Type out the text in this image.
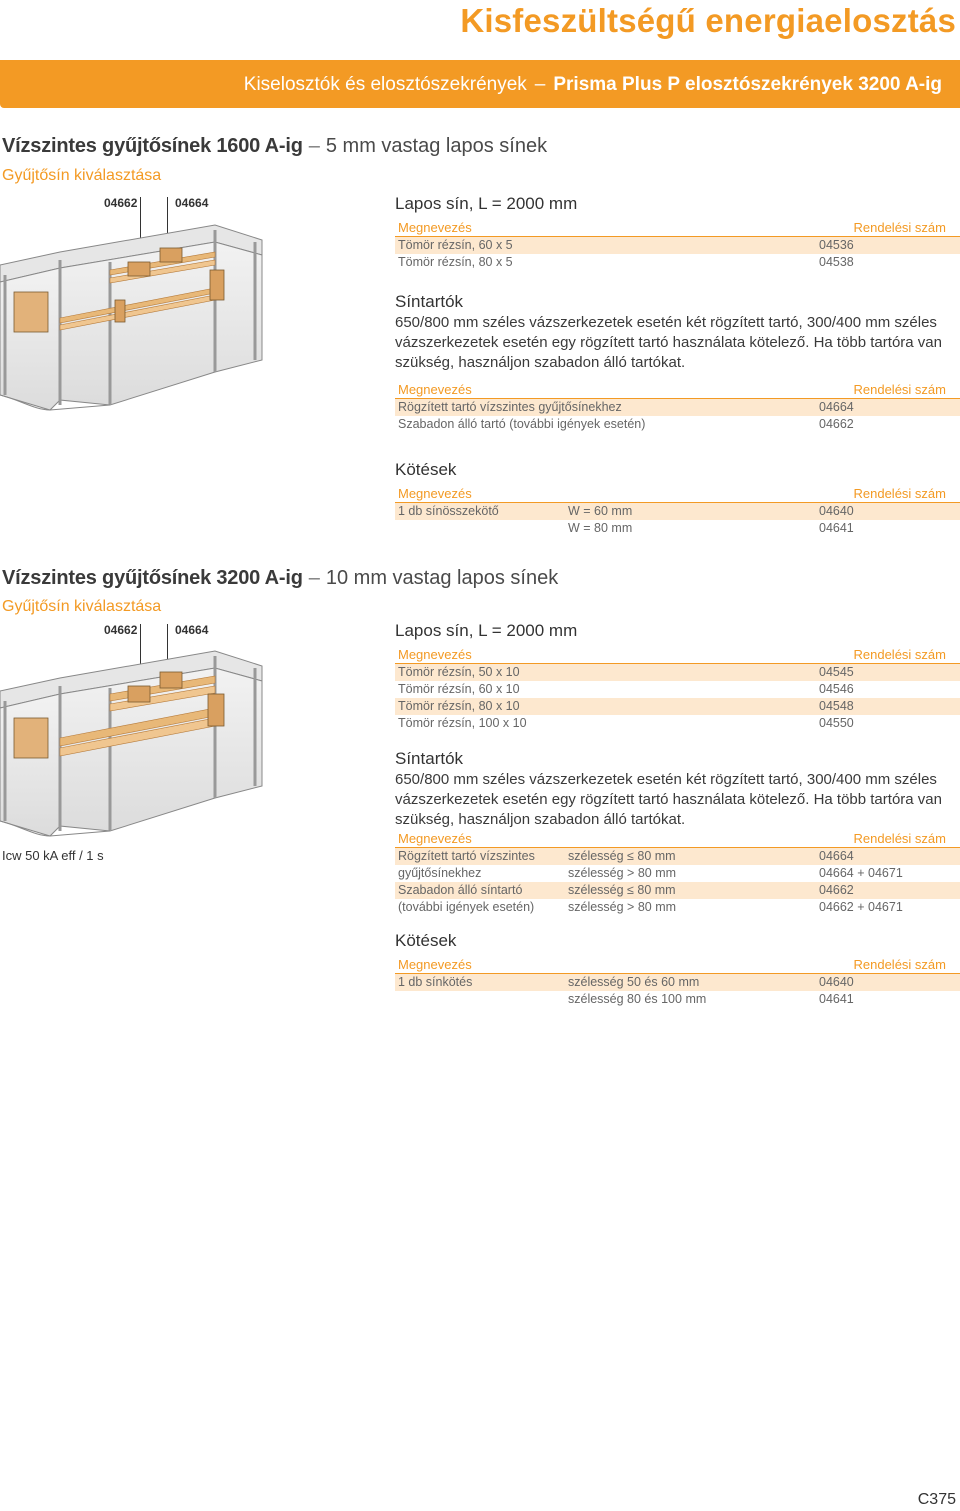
Kisfeszültségű energiaelosztás
Kiselosztók és elosztószekrények – Prisma Plus P elosztószekrények 3200 A-ig
Vízszintes gyűjtősínek 1600 A-ig – 5 mm vastag lapos sínek
Gyűjtősín kiválasztása
04662	04664	Lapos sín, L = 2000 mm
Megnevezés	Rendelési szám
Tömör rézsín, 60 x 5	04536
Tömör rézsín, 80 x 5	04538
Síntartók
650/800 mm széles vázszerkezetek esetén két rögzített tartó, 300/400 mm széles vázszerkezetek esetén egy rögzített tartó használata kötelező. Ha több tartóra van szükség, használjon szabadon álló tartókat.
Megnevezés	Rendelési szám
Rögzített tartó vízszintes gyűjtősínekhez	04664
Szabadon álló tartó (további igények esetén)	04662
Kötések
Megnevezés	Rendelési szám
1 db sínösszekötő	W = 60 mm	04640
W = 80 mm	04641
Vízszintes gyűjtősínek 3200 A-ig – 10 mm vastag lapos sínek
Gyűjtősín kiválasztása
04662	04664
Icw 50 kA eff / 1 s
Lapos sín, L = 2000 mm
Megnevezés	Rendelési szám
Tömör rézsín, 50 x 10	04545
Tömör rézsín, 60 x 10	04546
Tömör rézsín, 80 x 10	04548
Tömör rézsín, 100 x 10	04550
Síntartók
650/800 mm széles vázszerkezetek esetén két rögzített tartó, 300/400 mm széles vázszerkezetek esetén egy rögzített tartó használata kötelező. Ha több tartóra van szükség, használjon szabadon álló tartókat.
Megnevezés	Rendelési szám
Rögzített tartó vízszintes	szélesség ≤ 80 mm	04664
gyűjtősínekhez	szélesség > 80 mm	04664 + 04671
Szabadon álló síntartó	szélesség ≤ 80 mm	04662
(további igények esetén)	szélesség > 80 mm	04662 + 04671
Kötések
Megnevezés	Rendelési szám
1 db sínkötés	szélesség 50 és 60 mm	04640
szélesség 80 és 100 mm	04641
C375
